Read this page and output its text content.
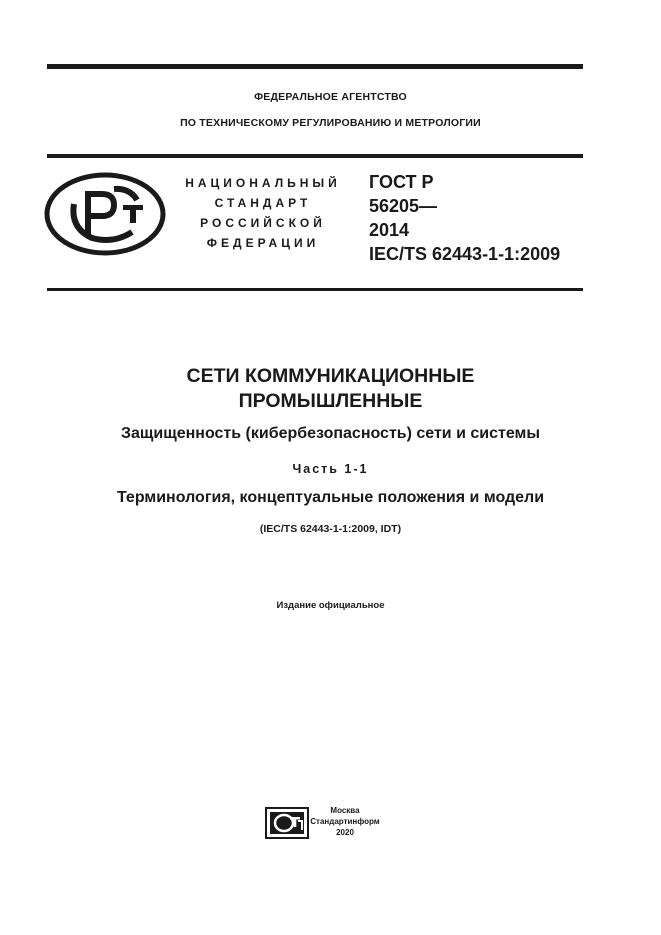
ФЕДЕРАЛЬНОЕ АГЕНТСТВО
ПО ТЕХНИЧЕСКОМУ РЕГУЛИРОВАНИЮ И МЕТРОЛОГИИ
НАЦИОНАЛЬНЫЙ
СТАНДАРТ
РОССИЙСКОЙ
ФЕДЕРАЦИИ
ГОСТ Р
56205—
2014
IEC/TS 62443-1-1:2009
СЕТИ КОММУНИКАЦИОННЫЕ
ПРОМЫШЛЕННЫЕ
Защищенность (кибербезопасность) сети и системы
Часть 1-1
Терминология, концептуальные положения и модели
(IEC/TS 62443-1-1:2009, IDT)
Издание официальное
Москва
Стандартинформ
2020
